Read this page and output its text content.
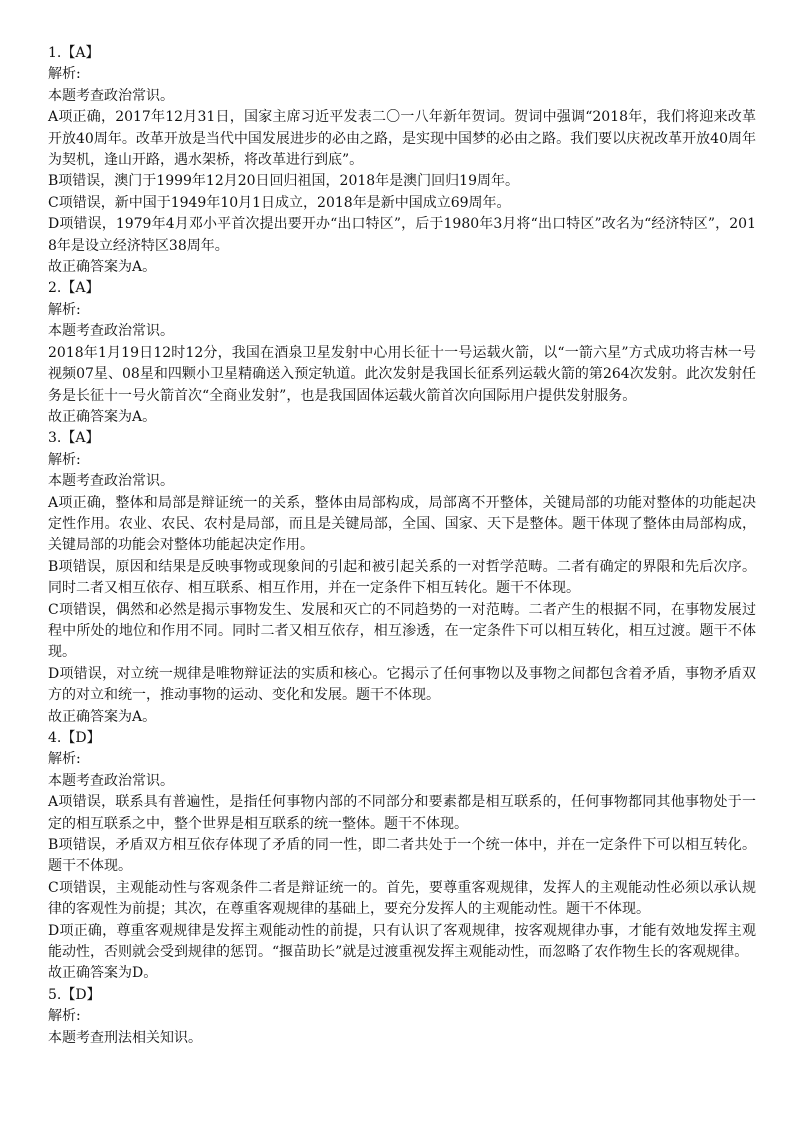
1.【A】

解析:

本题考查政治常识。

A项正确，2017年12月31日，国家主席习近平发表二〇一八年新年贺词。贺词中强调“2018年，我们将迎来改革开放40周年。改革开放是当代中国发展进步的必由之路，是实现中国梦的必由之路。我们要以庆祝改革开放40周年为契机，逢山开路，遇水架桥，将改革进行到底”。

B项错误，澳门于1999年12月20日回归祖国，2018年是澳门回归19周年。

C项错误，新中国于1949年10月1日成立，2018年是新中国成立69周年。

D项错误，1979年4月邓小平首次提出要开办“出口特区”，后于1980年3月将“出口特区”改名为“经济特区”，2018年是设立经济特区38周年。

故正确答案为A。

2.【A】

解析:

本题考查政治常识。

2018年1月19日12时12分，我国在酒泉卫星发射中心用长征十一号运载火箭，以“一箭六星”方式成功将吉林一号视频07星、08星和四颗小卫星精确送入预定轨道。此次发射是我国长征系列运载火箭的第264次发射。此次发射任务是长征十一号火箭首次“全商业发射”，也是我国固体运载火箭首次向国际用户提供发射服务。

故正确答案为A。

3.【A】

解析:

本题考查政治常识。

A项正确，整体和局部是辩证统一的关系，整体由局部构成，局部离不开整体，关键局部的功能对整体的功能起决定性作用。农业、农民、农村是局部，而且是关键局部，全国、国家、天下是整体。题干体现了整体由局部构成，关键局部的功能会对整体功能起决定作用。

B项错误，原因和结果是反映事物或现象间的引起和被引起关系的一对哲学范畴。二者有确定的界限和先后次序。同时二者又相互依存、相互联系、相互作用，并在一定条件下相互转化。题干不体现。

C项错误，偶然和必然是揭示事物发生、发展和灭亡的不同趋势的一对范畴。二者产生的根据不同，在事物发展过程中所处的地位和作用不同。同时二者又相互依存，相互渗透，在一定条件下可以相互转化，相互过渡。题干不体现。

D项错误，对立统一规律是唯物辩证法的实质和核心。它揭示了任何事物以及事物之间都包含着矛盾，事物矛盾双方的对立和统一，推动事物的运动、变化和发展。题干不体现。

故正确答案为A。

4.【D】

解析:

本题考查政治常识。

A项错误，联系具有普遍性，是指任何事物内部的不同部分和要素都是相互联系的，任何事物都同其他事物处于一定的相互联系之中，整个世界是相互联系的统一整体。题干不体现。

B项错误，矛盾双方相互依存体现了矛盾的同一性，即二者共处于一个统一体中，并在一定条件下可以相互转化。题干不体现。

C项错误，主观能动性与客观条件二者是辩证统一的。首先，要尊重客观规律，发挥人的主观能动性必须以承认规律的客观性为前提；其次，在尊重客观规律的基础上，要充分发挥人的主观能动性。题干不体现。

D项正确，尊重客观规律是发挥主观能动性的前提，只有认识了客观规律，按客观规律办事，才能有效地发挥主观能动性，否则就会受到规律的惩罚。“揠苗助长”就是过渡重视发挥主观能动性，而忽略了农作物生长的客观规律。

故正确答案为D。

5.【D】

解析:

本题考查刑法相关知识。
